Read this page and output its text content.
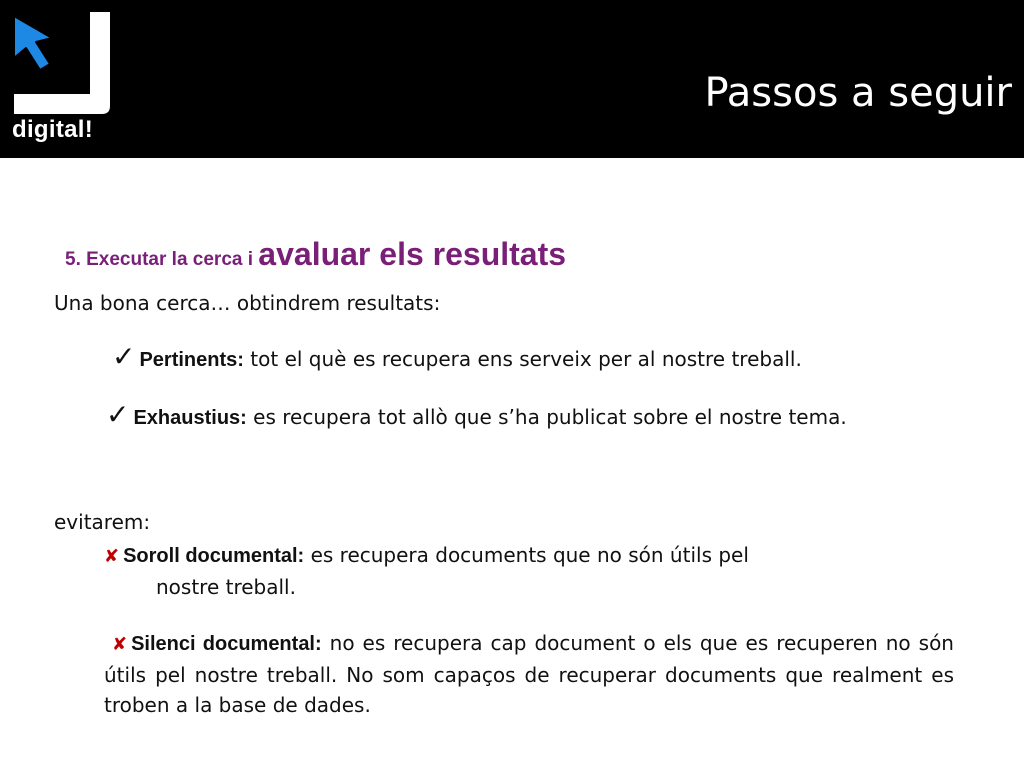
digital!
Passos a seguir
5. Executar la cerca i avaluar els resultats
Una bona cerca… obtindrem resultats:
✓ Pertinents: tot el què es recupera ens serveix per al nostre treball.
✓ Exhaustius: es recupera tot allò que s’ha publicat sobre el nostre tema.
evitarem:
✘ Soroll documental: es recupera documents que no són útils pel
nostre treball.
✘ Silenci documental: no es recupera cap document o els que es recuperen no són útils pel nostre treball. No som capaços de recuperar documents que realment es troben a la base de dades.
